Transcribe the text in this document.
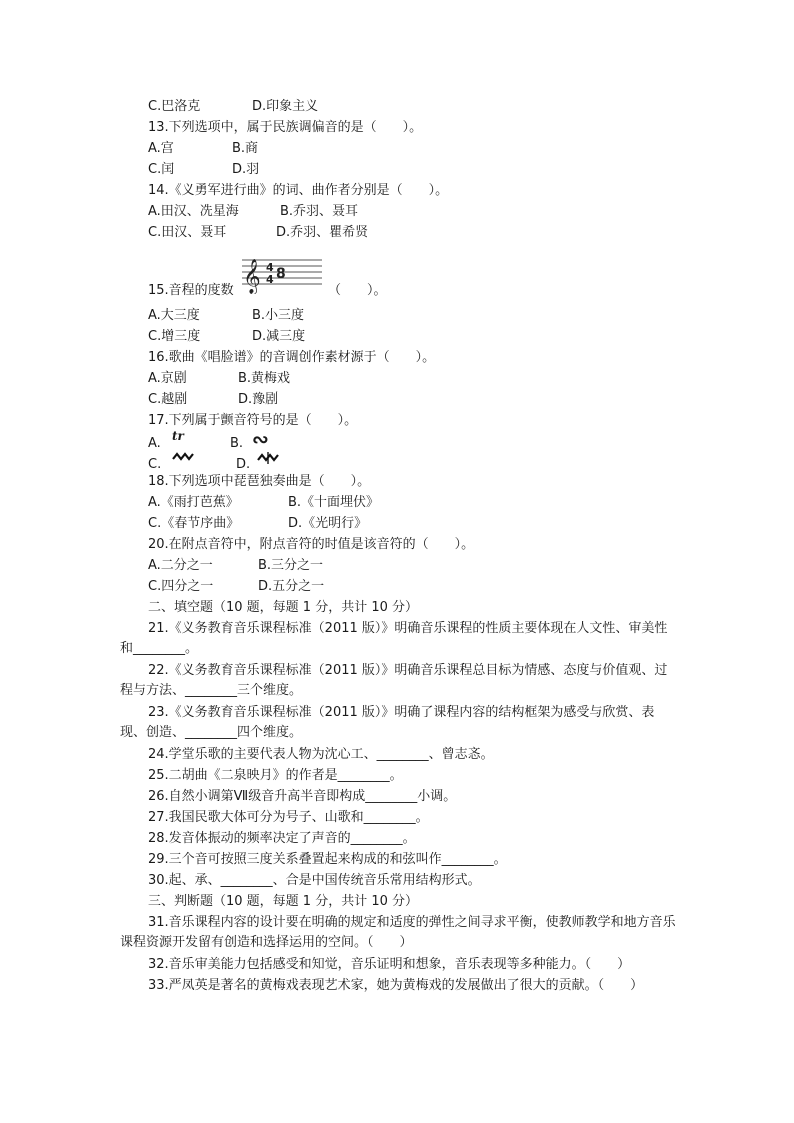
C.巴洛克	D.印象主义
13.下列选项中，属于民族调偏音的是（　　）。
A.宫	B.商
C.闰	D.羽
14.《义勇军进行曲》的词、曲作者分别是（　　）。
A.田汉、冼星海	B.乔羽、聂耳
C.田汉、聂耳	D.乔羽、瞿希贤
15.音程的度数 𝄞 4
4 8
（　　）。
A.大三度	B.小三度
C.增三度	D.减三度
16.歌曲《唱脸谱》的音调创作素材源于（　　）。
A.京剧	B.黄梅戏
C.越剧	D.豫剧
17.下列属于颤音符号的是（　　）。
A. tr	B. ∾
C.	D.
18.下列选项中琵琶独奏曲是（　　）。
A.《雨打芭蕉》	B.《十面埋伏》
C.《春节序曲》	D.《光明行》
20.在附点音符中，附点音符的时值是该音符的（　　）。
A.二分之一	B.三分之一
C.四分之一	D.五分之一
二、填空题（10 题，每题 1 分，共计 10 分）
21.《义务教育音乐课程标准（2011 版）》明确音乐课程的性质主要体现在人文性、审美性和________。
22.《义务教育音乐课程标准（2011 版）》明确音乐课程总目标为情感、态度与价值观、过程与方法、________三个维度。
23.《义务教育音乐课程标准（2011 版）》明确了课程内容的结构框架为感受与欣赏、表现、创造、________四个维度。
24.学堂乐歌的主要代表人物为沈心工、________、曾志忞。
25.二胡曲《二泉映月》的作者是________。
26.自然小调第Ⅶ级音升高半音即构成________小调。
27.我国民歌大体可分为号子、山歌和________。
28.发音体振动的频率决定了声音的________。
29.三个音可按照三度关系叠置起来构成的和弦叫作________。
30.起、承、________、合是中国传统音乐常用结构形式。
三、判断题（10 题，每题 1 分，共计 10 分）
31.音乐课程内容的设计要在明确的规定和适度的弹性之间寻求平衡，使教师教学和地方音乐课程资源开发留有创造和选择运用的空间。（　　）
32.音乐审美能力包括感受和知觉，音乐证明和想象，音乐表现等多种能力。（　　）
33.严凤英是著名的黄梅戏表现艺术家，她为黄梅戏的发展做出了很大的贡献。（　　）
